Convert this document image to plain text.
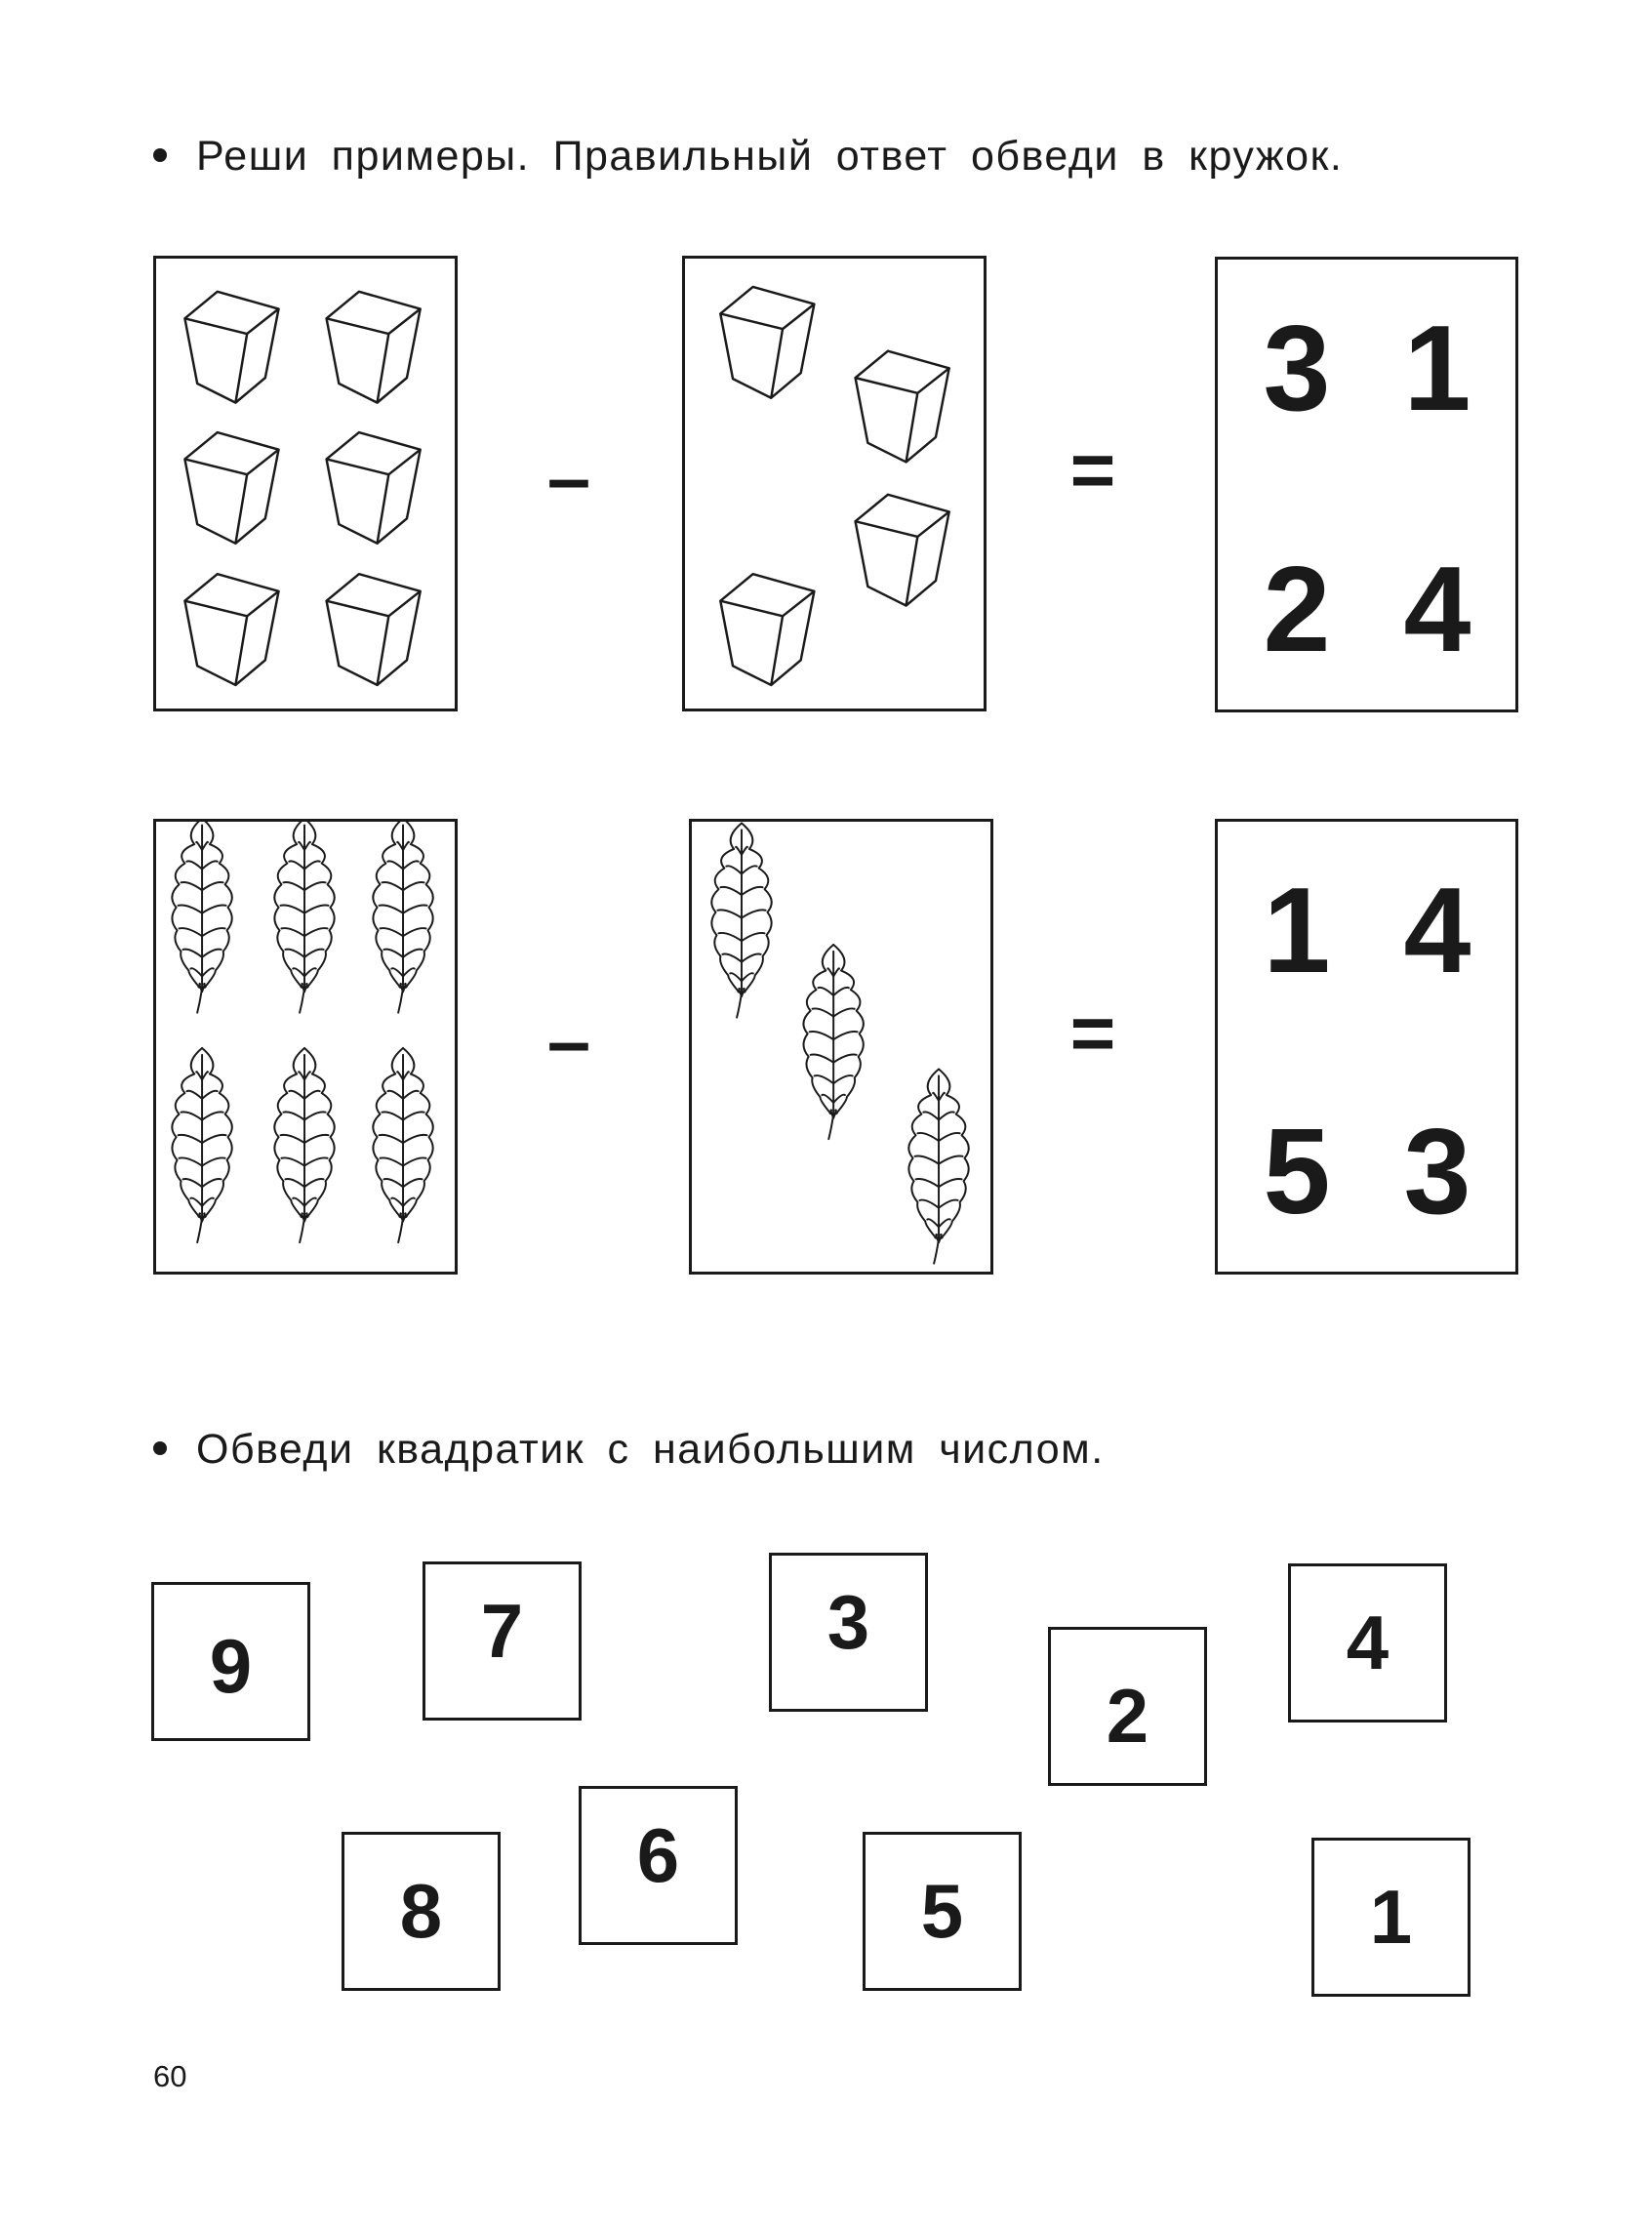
Реши примеры. Правильный ответ обведи в кружок.
–	=
3 1
2 4
–	=
1 4
5 3
Обведи квадратик с наибольшим числом.
9	7	3
2
4
8
6
5	1
60
